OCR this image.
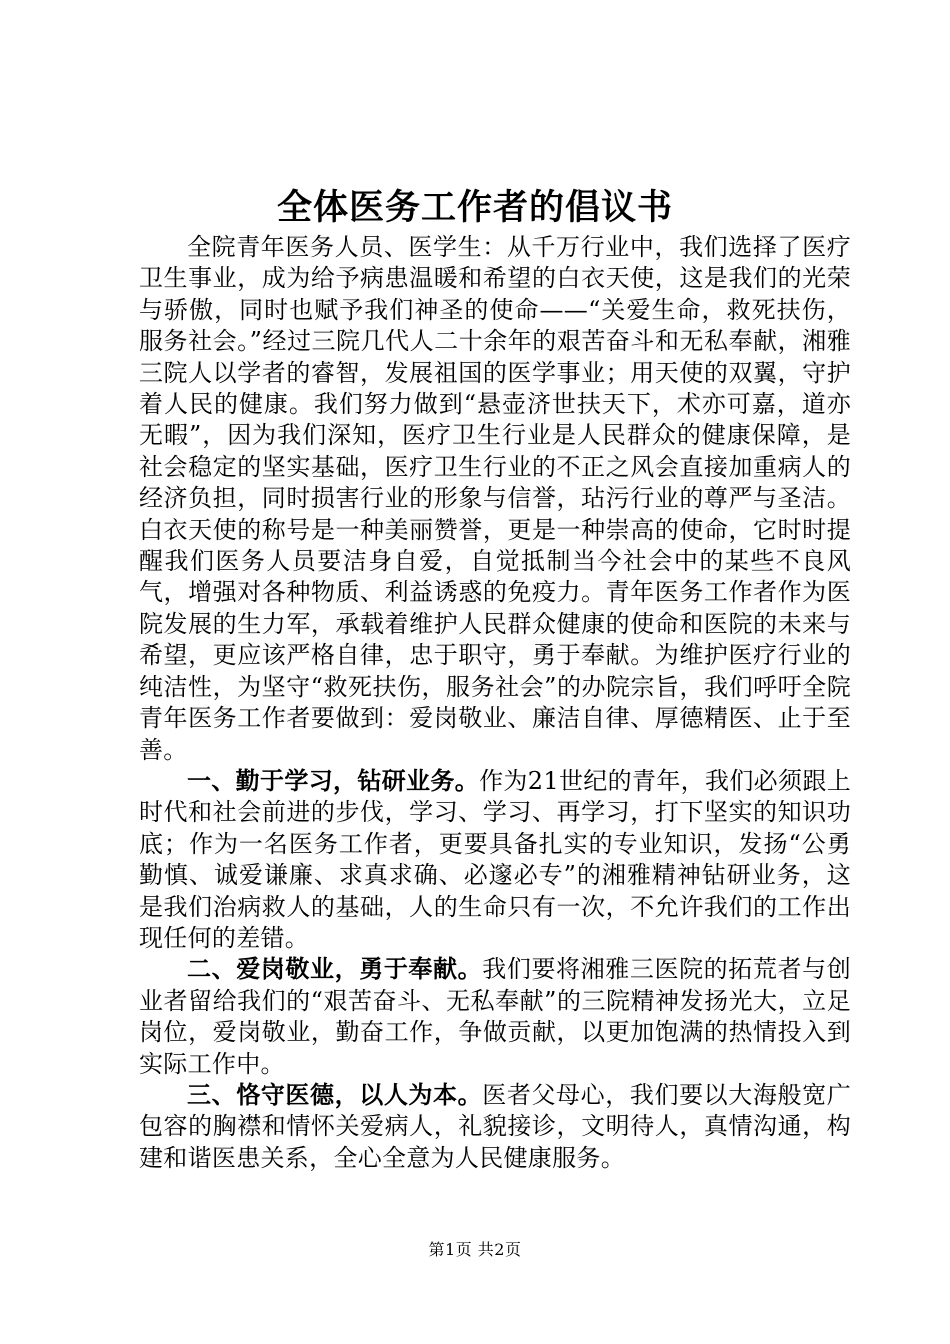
全体医务工作者的倡议书

全院青年医务人员、医学生：从千万行业中，我们选择了医疗卫生事业，成为给予病患温暖和希望的白衣天使，这是我们的光荣与骄傲，同时也赋予我们神圣的使命——“关爱生命，救死扶伤，服务社会。”经过三院几代人二十余年的艰苦奋斗和无私奉献，湘雅三院人以学者的睿智，发展祖国的医学事业；用天使的双翼，守护着人民的健康。我们努力做到“悬壶济世扶天下，术亦可嘉，道亦无暇”，因为我们深知，医疗卫生行业是人民群众的健康保障，是社会稳定的坚实基础，医疗卫生行业的不正之风会直接加重病人的经济负担，同时损害行业的形象与信誉，玷污行业的尊严与圣洁。白衣天使的称号是一种美丽赞誉，更是一种崇高的使命，它时时提醒我们医务人员要洁身自爱，自觉抵制当今社会中的某些不良风气，增强对各种物质、利益诱惑的免疫力。青年医务工作者作为医院发展的生力军，承载着维护人民群众健康的使命和医院的未来与希望，更应该严格自律，忠于职守，勇于奉献。为维护医疗行业的纯洁性，为坚守“救死扶伤，服务社会”的办院宗旨，我们呼吁全院青年医务工作者要做到：爱岗敬业、廉洁自律、厚德精医、止于至善。

一、勤于学习，钻研业务。作为21世纪的青年，我们必须跟上时代和社会前进的步伐，学习、学习、再学习，打下坚实的知识功底；作为一名医务工作者，更要具备扎实的专业知识，发扬“公勇勤慎、诚爱谦廉、求真求确、必邃必专”的湘雅精神钻研业务，这是我们治病救人的基础，人的生命只有一次，不允许我们的工作出现任何的差错。

二、爱岗敬业，勇于奉献。我们要将湘雅三医院的拓荒者与创业者留给我们的“艰苦奋斗、无私奉献”的三院精神发扬光大，立足岗位，爱岗敬业，勤奋工作，争做贡献，以更加饱满的热情投入到实际工作中。

三、恪守医德，以人为本。医者父母心，我们要以大海般宽广包容的胸襟和情怀关爱病人，礼貌接诊，文明待人，真情沟通，构建和谐医患关系，全心全意为人民健康服务。

第1页 共2页
